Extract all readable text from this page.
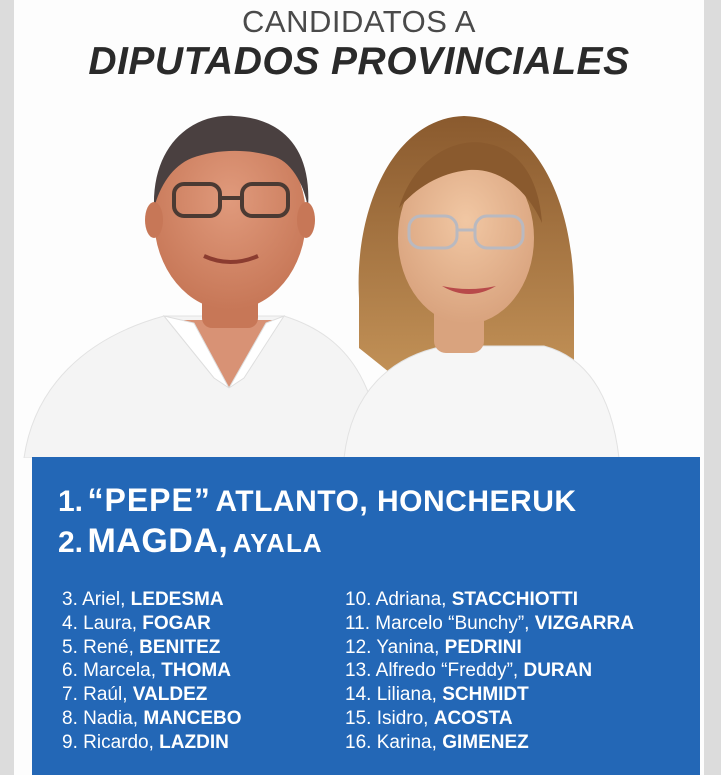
CANDIDATOS A
DIPUTADOS PROVINCIALES
1. “PEPE” ATLANTO, HONCHERUK
2. MAGDA, AYALA
3. Ariel, LEDESMA
4. Laura, FOGAR
5. René, BENITEZ
6. Marcela, THOMA
7. Raúl, VALDEZ
8. Nadia, MANCEBO
9. Ricardo, LAZDIN
10. Adriana, STACCHIOTTI
11. Marcelo “Bunchy”, VIZGARRA
12. Yanina, PEDRINI
13. Alfredo “Freddy”, DURAN
14. Liliana, SCHMIDT
15. Isidro, ACOSTA
16. Karina, GIMENEZ
